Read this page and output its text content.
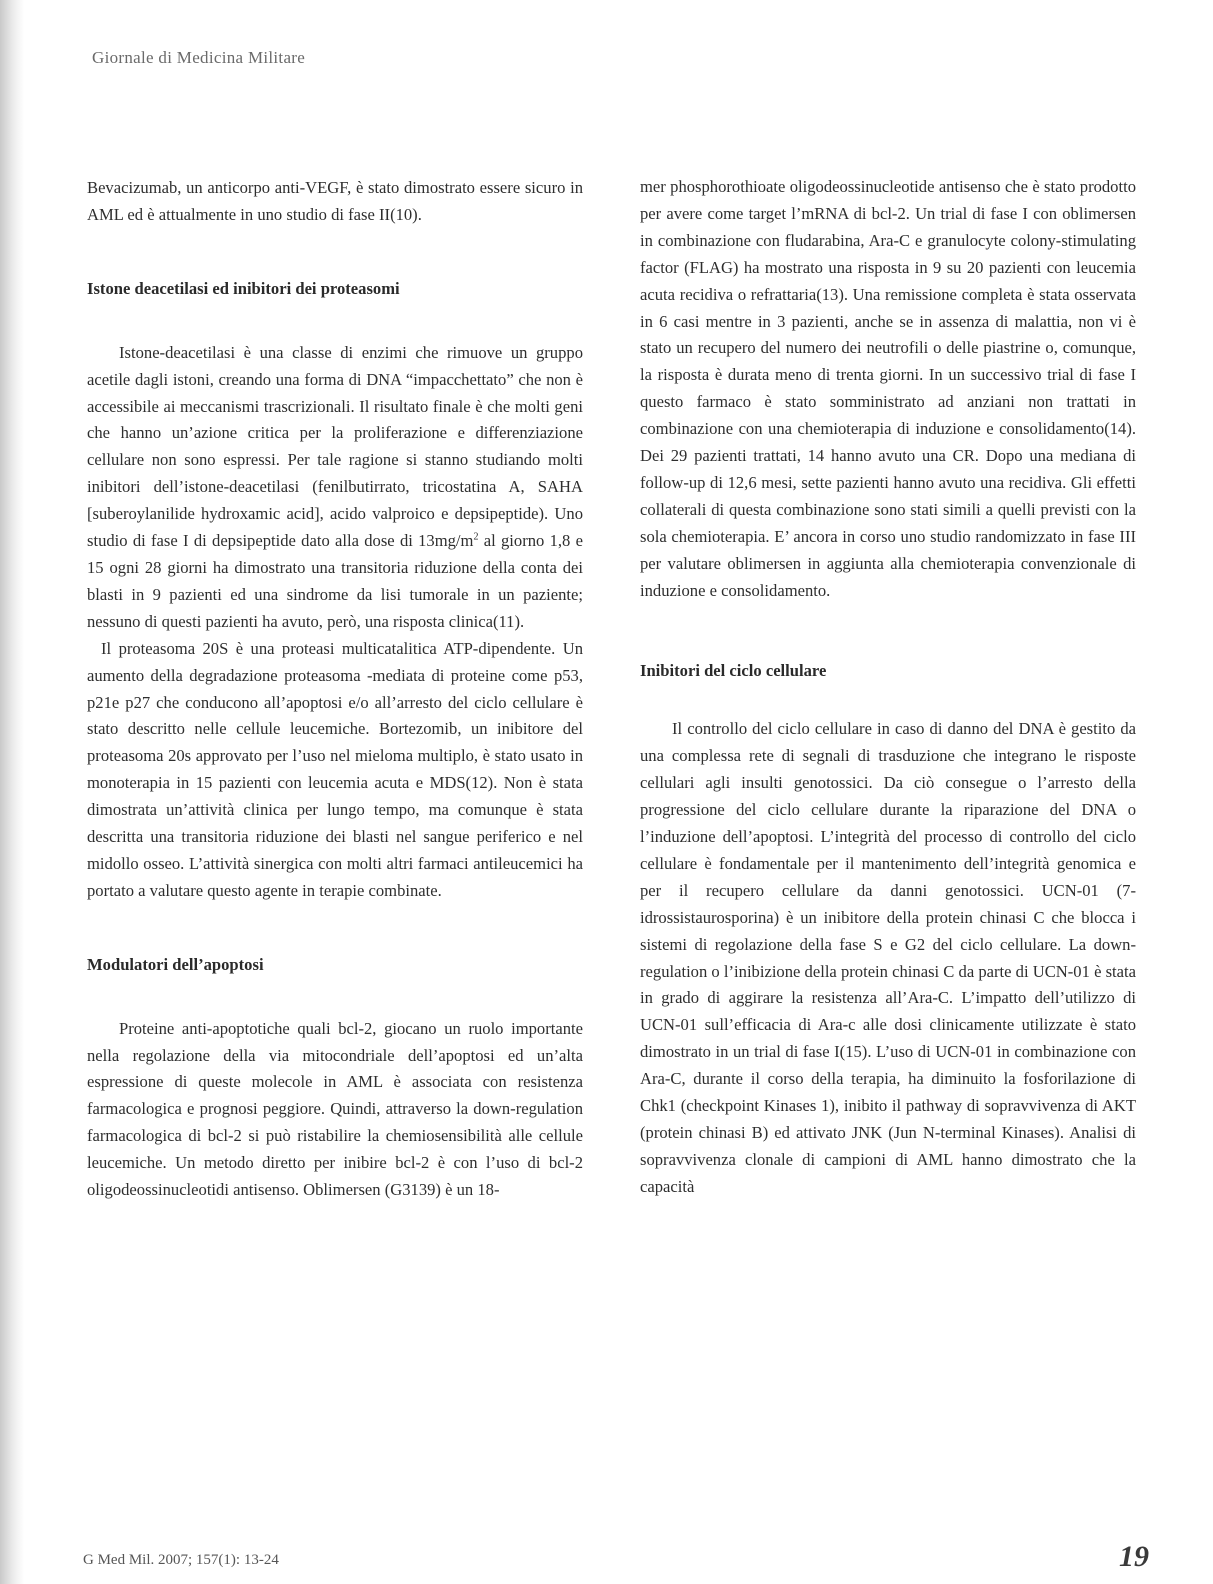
Giornale di Medicina Militare

Bevacizumab, un anticorpo anti-VEGF, è stato dimostrato essere sicuro in AML ed è attualmente in uno studio di fase II(10).

Istone deacetilasi ed inibitori dei proteasomi

Istone-deacetilasi è una classe di enzimi che rimuove un gruppo acetile dagli istoni, creando una forma di DNA “impacchettato” che non è accessibile ai meccanismi trascrizionali. Il risultato finale è che molti geni che hanno un’azione critica per la proliferazione e differenziazione cellulare non sono espressi. Per tale ragione si stanno studiando molti inibitori dell’istone-deacetilasi (fenilbutirrato, tricostatina A, SAHA [suberoylanilide hydroxamic acid], acido valproico e depsipeptide). Uno studio di fase I di depsipeptide dato alla dose di $13mg/m^2$ al giorno 1,8 e 15 ogni 28 giorni ha dimostrato una transitoria riduzione della conta dei blasti in 9 pazienti ed una sindrome da lisi tumorale in un paziente; nessuno di questi pazienti ha avuto, però, una risposta clinica(11).

Il proteasoma 20S è una proteasi multicatalitica ATP-dipendente. Un aumento della degradazione proteasoma -mediata di proteine come p53, p21e p27 che conducono all’apoptosi e/o all’arresto del ciclo cellulare è stato descritto nelle cellule leucemiche. Bortezomib, un inibitore del proteasoma 20s approvato per l’uso nel mieloma multiplo, è stato usato in monoterapia in 15 pazienti con leucemia acuta e MDS(12). Non è stata dimostrata un’attività clinica per lungo tempo, ma comunque è stata descritta una transitoria riduzione dei blasti nel sangue periferico e nel midollo osseo. L’attività sinergica con molti altri farmaci antileucemici ha portato a valutare questo agente in terapie combinate.

Modulatori dell’apoptosi

Proteine anti-apoptotiche quali bcl-2, giocano un ruolo importante nella regolazione della via mitocondriale dell’apoptosi ed un’alta espressione di queste molecole in AML è associata con resistenza farmacologica e prognosi peggiore. Quindi, attraverso la down-regulation farmacologica di bcl-2 si può ristabilire la chemiosensibilità alle cellule leucemiche. Un metodo diretto per inibire bcl-2 è con l’uso di bcl-2 oligodeossinucleotidi antisenso. Oblimersen (G3139) è un 18-

mer phosphorothioate oligodeossinucleotide antisenso che è stato prodotto per avere come target l’mRNA di bcl-2. Un trial di fase I con oblimersen in combinazione con fludarabina, Ara-C e granulocyte colony-stimulating factor (FLAG) ha mostrato una risposta in 9 su 20 pazienti con leucemia acuta recidiva o refrattaria(13). Una remissione completa è stata osservata in 6 casi mentre in 3 pazienti, anche se in assenza di malattia, non vi è stato un recupero del numero dei neutrofili o delle piastrine o, comunque, la risposta è durata meno di trenta giorni. In un successivo trial di fase I questo farmaco è stato somministrato ad anziani non trattati in combinazione con una chemioterapia di induzione e consolidamento(14). Dei 29 pazienti trattati, 14 hanno avuto una CR. Dopo una mediana di follow-up di 12,6 mesi, sette pazienti hanno avuto una recidiva. Gli effetti collaterali di questa combinazione sono stati simili a quelli previsti con la sola chemioterapia. E’ ancora in corso uno studio randomizzato in fase III per valutare oblimersen in aggiunta alla chemioterapia convenzionale di induzione e consolidamento.

Inibitori del ciclo cellulare

Il controllo del ciclo cellulare in caso di danno del DNA è gestito da una complessa rete di segnali di trasduzione che integrano le risposte cellulari agli insulti genotossici. Da ciò consegue o l’arresto della progressione del ciclo cellulare durante la riparazione del DNA o l’induzione dell’apoptosi. L’integrità del processo di controllo del ciclo cellulare è fondamentale per il mantenimento dell’integrità genomica e per il recupero cellulare da danni genotossici. UCN-01 (7-idrossistaurosporina) è un inibitore della protein chinasi C che blocca i sistemi di regolazione della fase S e G2 del ciclo cellulare. La down-regulation o l’inibizione della protein chinasi C da parte di UCN-01 è stata in grado di aggirare la resistenza all’Ara-C. L’impatto dell’utilizzo di UCN-01 sull’efficacia di Ara-c alle dosi clinicamente utilizzate è stato dimostrato in un trial di fase I(15). L’uso di UCN-01 in combinazione con Ara-C, durante il corso della terapia, ha diminuito la fosforilazione di Chk1 (checkpoint Kinases 1), inibito il pathway di sopravvivenza di AKT (protein chinasi B) ed attivato JNK (Jun N-terminal Kinases). Analisi di sopravvivenza clonale di campioni di AML hanno dimostrato che la capacità

G Med Mil. 2007; 157(1): 13-24	19
